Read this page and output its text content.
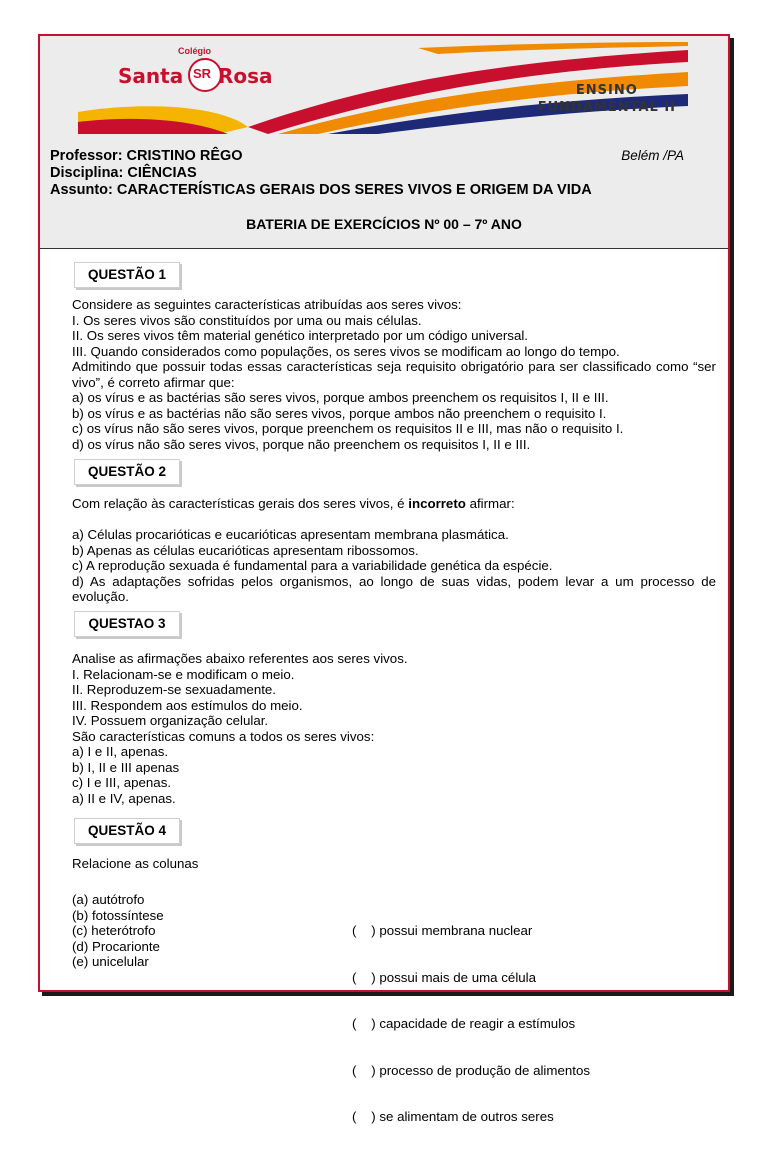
Colégio
Santa SR Rosa
ENSINO
FUNDAMENTAL II
Professor: CRISTINO RÊGO
Disciplina: CIÊNCIAS
Assunto: CARACTERÍSTICAS GERAIS DOS SERES VIVOS E ORIGEM DA VIDA
Belém /PA
BATERIA DE EXERCÍCIOS Nº 00 – 7º ANO
QUESTÃO 1

Considere as seguintes características atribuídas aos seres vivos:

I. Os seres vivos são constituídos por uma ou mais células.

II. Os seres vivos têm material genético interpretado por um código universal.

III. Quando considerados como populações, os seres vivos se modificam ao longo do tempo.

Admitindo que possuir todas essas características seja requisito obrigatório para ser classificado como “ser vivo”, é correto afirmar que:

a) os vírus e as bactérias são seres vivos, porque ambos preenchem os requisitos I, II e III.

b) os vírus e as bactérias não são seres vivos, porque ambos não preenchem o requisito I.

c) os vírus não são seres vivos, porque preenchem os requisitos II e III, mas não o requisito I.

d) os vírus não são seres vivos, porque não preenchem os requisitos I, II e III.

QUESTÃO 2

Com relação às características gerais dos seres vivos, é incorreto afirmar:

a) Células procarióticas e eucarióticas apresentam membrana plasmática.

b) Apenas as células eucarióticas apresentam ribossomos.

c) A reprodução sexuada é fundamental para a variabilidade genética da espécie.

d) As adaptações sofridas pelos organismos, ao longo de suas vidas, podem levar a um processo de evolução.

QUESTAO 3

Analise as afirmações abaixo referentes aos seres vivos.

I. Relacionam-se e modificam o meio.

II. Reproduzem-se sexuadamente.

III. Respondem aos estímulos do meio.

IV. Possuem organização celular.

São características comuns a todos os seres vivos:

a) I e II, apenas.

b) I, II e III apenas

c) I e III, apenas.

a) II e IV, apenas.

QUESTÃO 4
Relacione as colunas

(a) autótrofo

(b) fotossíntese

(c) heterótrofo

(d) Procarionte

(e) unicelular

(    ) possui membrana nuclear

(    ) possui mais de uma célula

(    ) capacidade de reagir a estímulos

(    ) processo de produção de alimentos

(    ) se alimentam de outros seres
